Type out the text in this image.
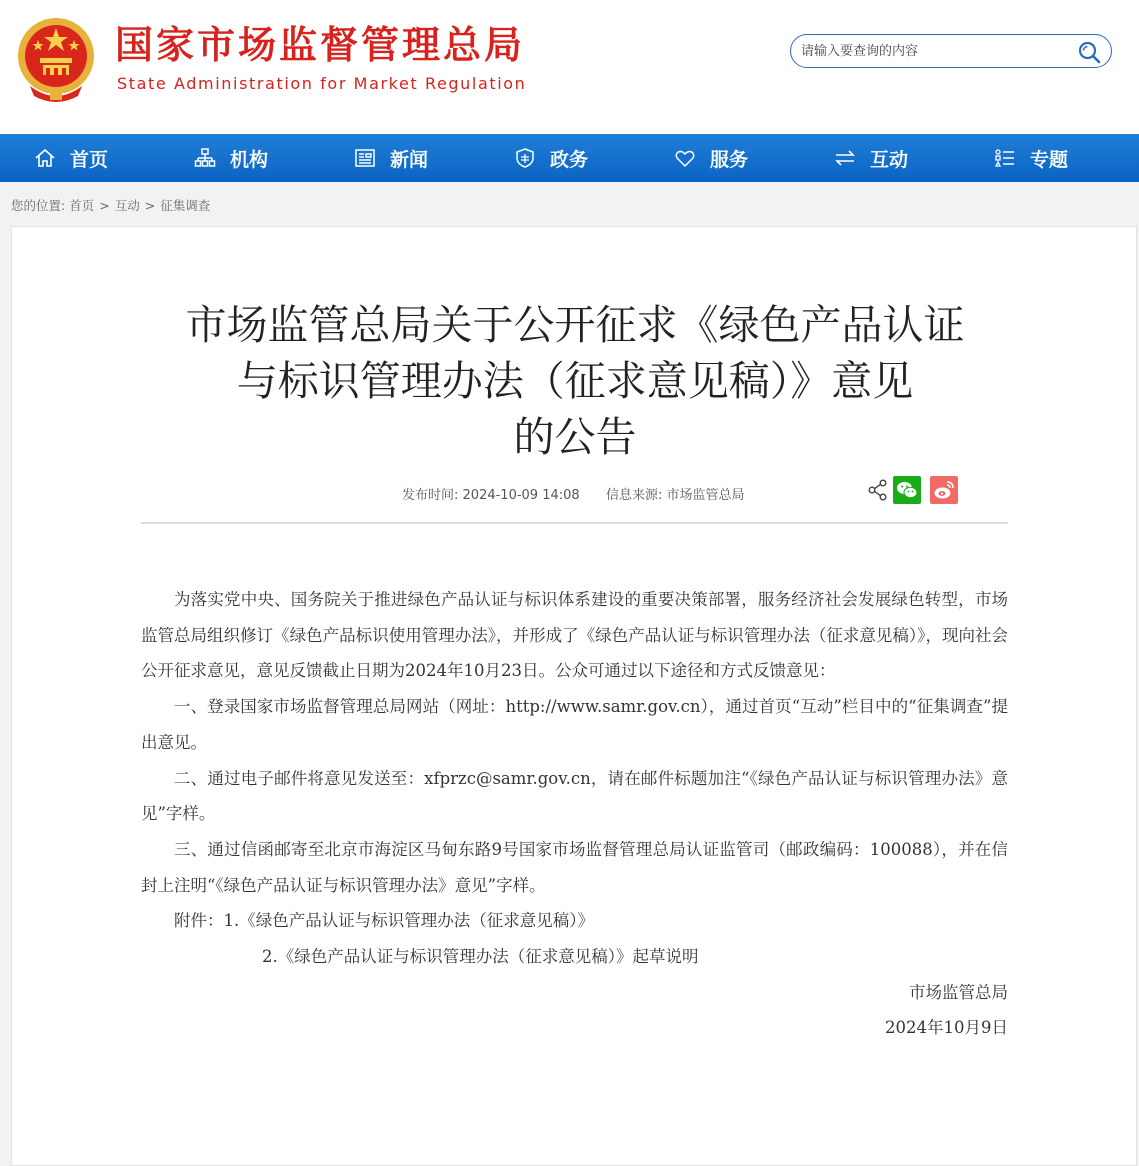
国家市场监督管理总局
State Administration for Market Regulation
请输入要查询的内容
首页	机构	新闻	政务	服务	互动	专题
您的位置: 首页 > 互动 > 征集调查
市场监管总局关于公开征求《绿色产品认证
与标识管理办法（征求意见稿）》意见
的公告
发布时间: 2024-10-09 14:08 信息来源: 市场监管总局

为落实党中央、国务院关于推进绿色产品认证与标识体系建设的重要决策部署，服务经济社会发展绿色转型，市场监管总局组织修订《绿色产品标识使用管理办法》，并形成了《绿色产品认证与标识管理办法（征求意见稿）》，现向社会公开征求意见，意见反馈截止日期为2024年10月23日。公众可通过以下途径和方式反馈意见：

一、登录国家市场监督管理总局网站（网址：http://www.samr.gov.cn），通过首页“互动”栏目中的“征集调查”提出意见。

二、通过电子邮件将意见发送至：xfprzc@samr.gov.cn，请在邮件标题加注“《绿色产品认证与标识管理办法》意见”字样。

三、通过信函邮寄至北京市海淀区马甸东路9号国家市场监督管理总局认证监管司（邮政编码：100088），并在信封上注明“《绿色产品认证与标识管理办法》意见”字样。

附件：1.《绿色产品认证与标识管理办法（征求意见稿）》

2.《绿色产品认证与标识管理办法（征求意见稿）》起草说明

市场监管总局

2024年10月9日
